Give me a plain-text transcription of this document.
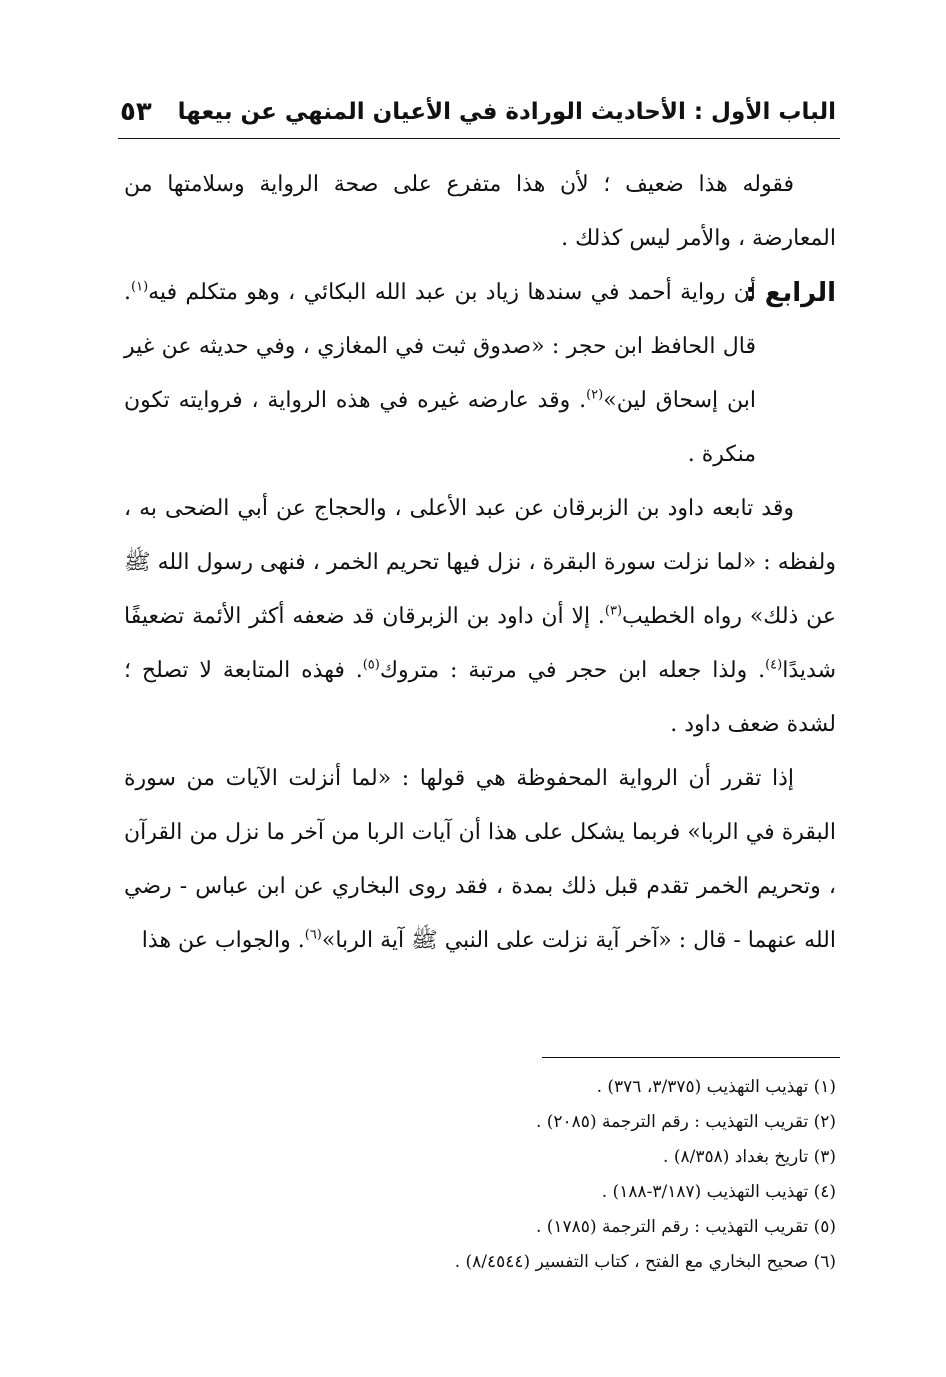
الباب الأول : الأحاديث الورادة في الأعيان المنهي عن بيعها
٥٣

فقوله هذا ضعيف ؛ لأن هذا متفرع على صحة الرواية وسلامتها من المعارضة ، والأمر ليس كذلك .

الرابع :
أن رواية أحمد في سندها زياد بن عبد الله البكائي ، وهو متكلم فيه$^{(١)}$. قال الحافظ ابن حجر : «صدوق ثبت في المغازي ، وفي حديثه عن غير ابن إسحاق لين»$^{(٢)}$. وقد عارضه غيره في هذه الرواية ، فروايته تكون منكرة .

وقد تابعه داود بن الزبرقان عن عبد الأعلى ، والحجاج عن أبي الضحى به ، ولفظه : «لما نزلت سورة البقرة ، نزل فيها تحريم الخمر ، فنهى رسول الله ﷺ عن ذلك» رواه الخطيب$^{(٣)}$. إلا أن داود بن الزبرقان قد ضعفه أكثر الأئمة تضعيفًا شديدًا$^{(٤)}$. ولذا جعله ابن حجر في مرتبة : متروك$^{(٥)}$. فهذه المتابعة لا تصلح ؛ لشدة ضعف داود .

إذا تقرر أن الرواية المحفوظة هي قولها : «لما أنزلت الآيات من سورة البقرة في الربا» فربما يشكل على هذا أن آيات الربا من آخر ما نزل من القرآن ، وتحريم الخمر تقدم قبل ذلك بمدة ، فقد روى البخاري عن ابن عباس - رضي الله عنهما - قال : «آخر آية نزلت على النبي ﷺ آية الربا»$^{(٦)}$. والجواب عن هذا

(١) تهذيب التهذيب (٣/٣٧٥، ٣٧٦) .
(٢) تقريب التهذيب : رقم الترجمة (٢٠٨٥) .
(٣) تاريخ بغداد (٨/٣٥٨) .
(٤) تهذيب التهذيب (٣/١٨٧-١٨٨) .
(٥) تقريب التهذيب : رقم الترجمة (١٧٨٥) .
(٦) صحيح البخاري مع الفتح ، كتاب التفسير (٨/٤٥٤٤) .
